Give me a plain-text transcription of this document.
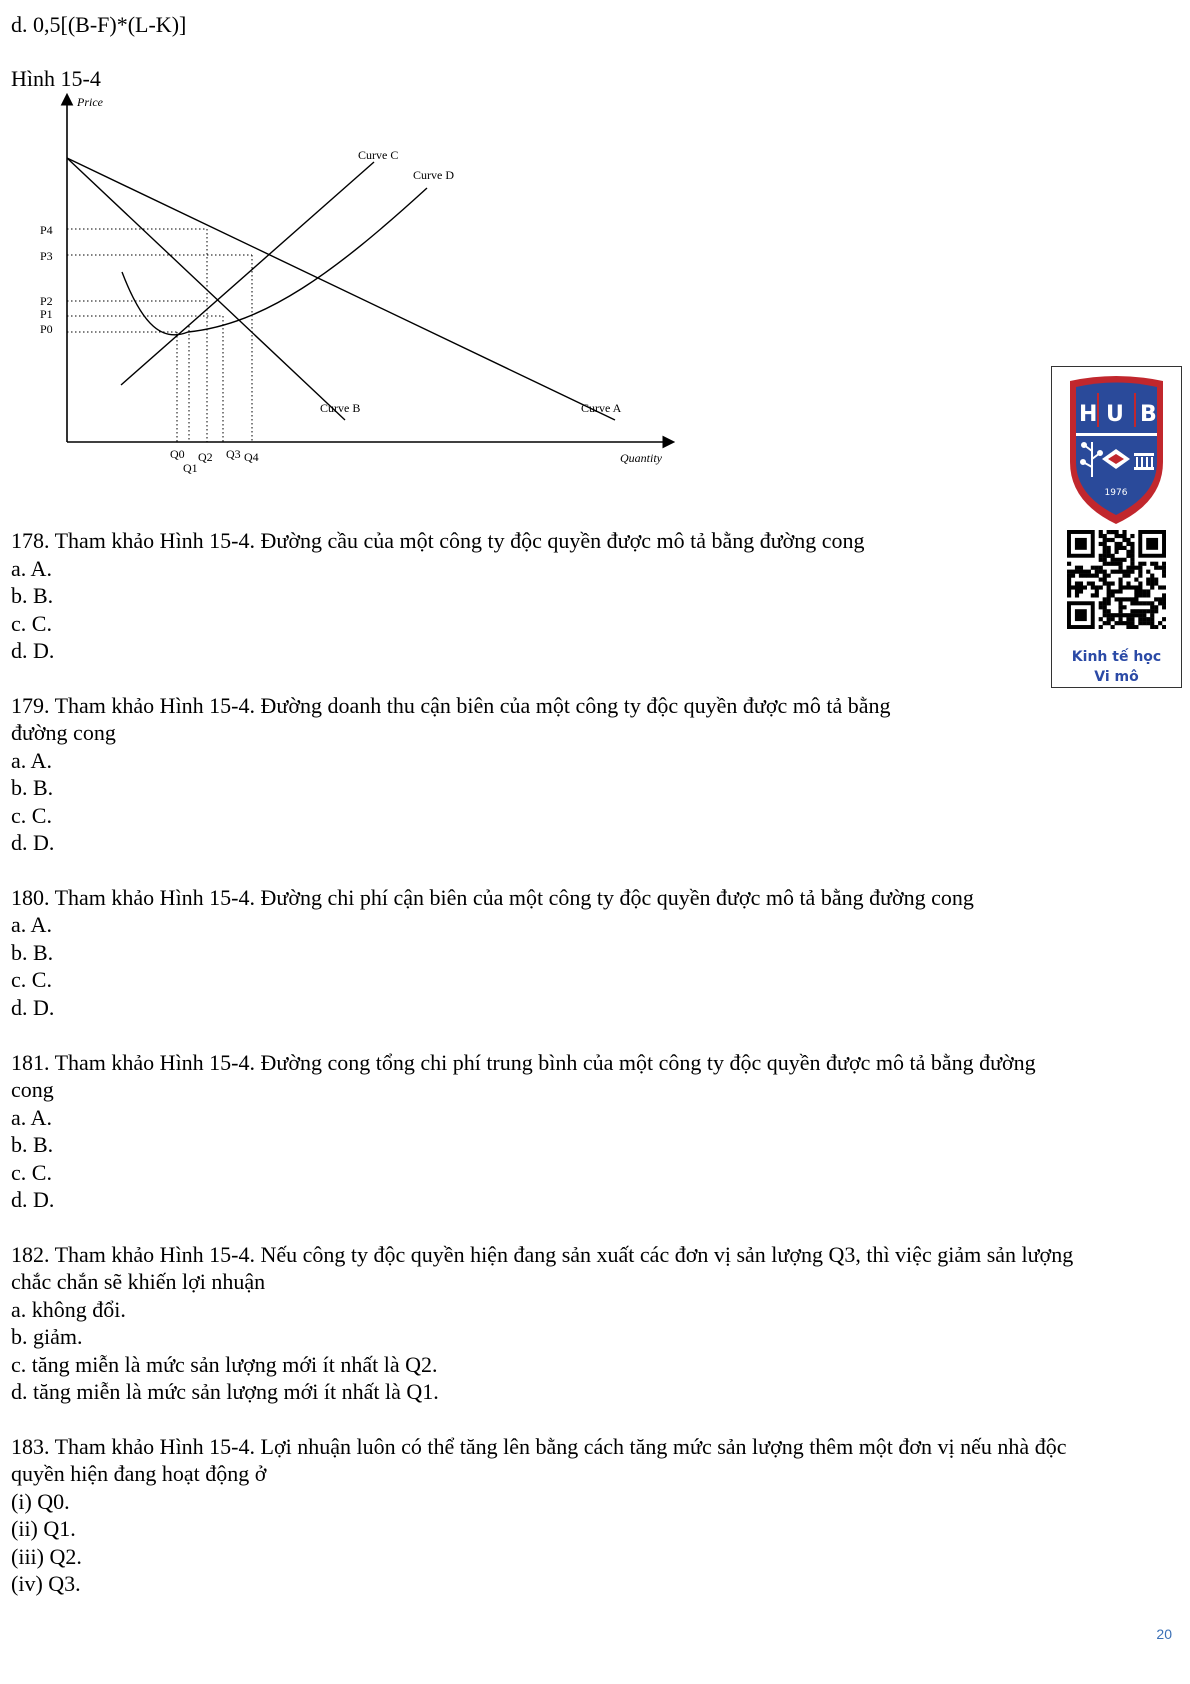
d. 0,5[(B-F)*(L-K)]
Hình 15-4
Price
Quantity
Curve C
Curve D
Curve B	Curve A
P4
P3
P2
P1
P0
Q0
Q1
Q2 Q3 Q4
178. Tham khảo Hình 15-4. Đường cầu của một công ty độc quyền được mô tả bằng đường cong
a. A.
b. B.
c. C.
d. D.
179. Tham khảo Hình 15-4. Đường doanh thu cận biên của một công ty độc quyền được mô tả bằng
đường cong
a. A.
b. B.
c. C.
d. D.
180. Tham khảo Hình 15-4. Đường chi phí cận biên của một công ty độc quyền được mô tả bằng đường cong
a. A.
b. B.
c. C.
d. D.
181. Tham khảo Hình 15-4. Đường cong tổng chi phí trung bình của một công ty độc quyền được mô tả bằng đường
cong
a. A.
b. B.
c. C.
d. D.
182. Tham khảo Hình 15-4. Nếu công ty độc quyền hiện đang sản xuất các đơn vị sản lượng Q3, thì việc giảm sản lượng
chắc chắn sẽ khiến lợi nhuận
a. không đổi.
b. giảm.
c. tăng miễn là mức sản lượng mới ít nhất là Q2.
d. tăng miễn là mức sản lượng mới ít nhất là Q1.
183. Tham khảo Hình 15-4. Lợi nhuận luôn có thể tăng lên bằng cách tăng mức sản lượng thêm một đơn vị nếu nhà độc
quyền hiện đang hoạt động ở
(i) Q0.
(ii) Q1.
(iii) Q2.
(iv) Q3.
H U B
1976
Kinh tế học
Vi mô
20
